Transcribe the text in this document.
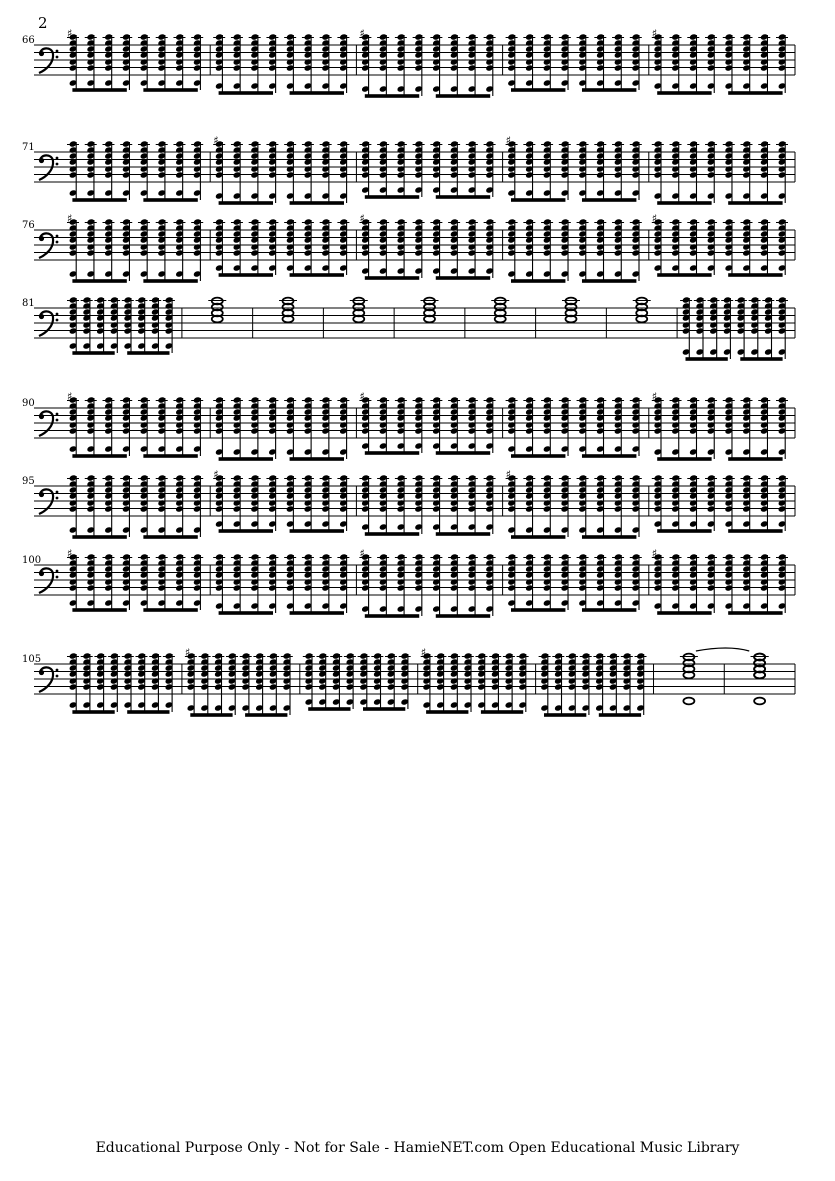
2
66
♯	♯	♯
71
♯	♯
76
♯	♯	♯
81
90
♯	♯	♯
95
♯	♯
100
♯	♯	♯
105
♯	♯
Educational Purpose Only - Not for Sale - HamieNET.com Open Educational Music Library
